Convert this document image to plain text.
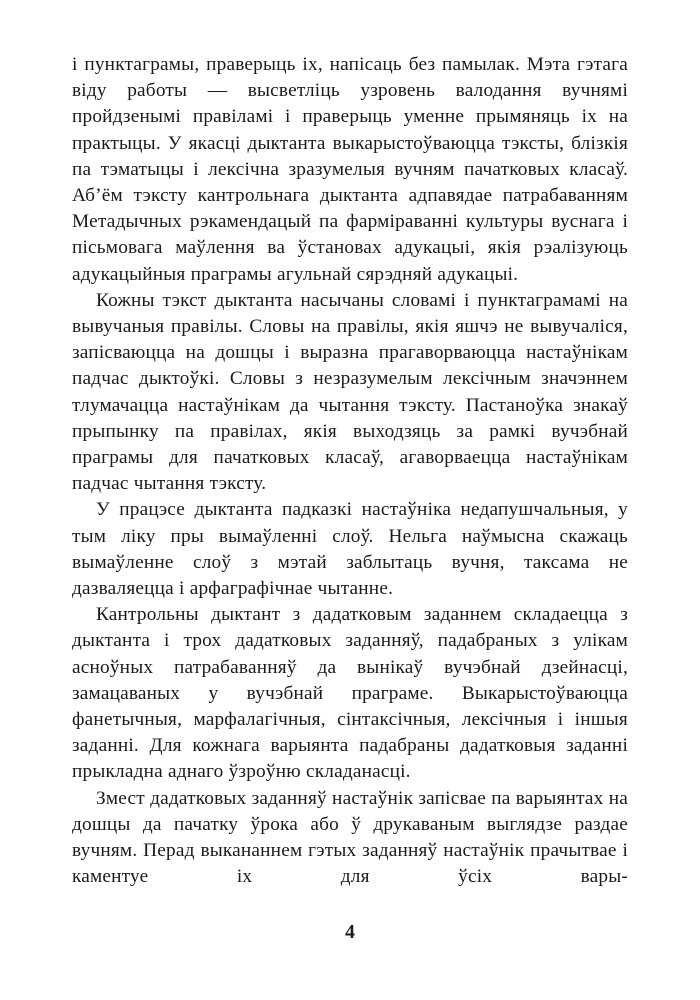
і пунктаграмы, праверыць іх, напісаць без памылак. Мэта гэтага віду работы — высветліць узровень валодання вучнямі пройдзенымі правіламі і праверыць уменне прымяняць іх на практыцы. У якасці дыктанта выкарыстоўваюцца тэксты, блізкія па тэматыцы і лексічна зразумелыя вучням пачатковых класаў. Аб’ём тэксту кантрольнага дыктанта адпавядае патрабаванням Метадычных рэкамендацый па фарміраванні культуры вуснага і пісьмовага маўлення ва ўстановах адукацыі, якія рэалізуюць адукацыйныя праграмы агульнай сярэдняй адукацыі.

Кожны тэкст дыктанта насычаны словамі і пунктаграмамі на вывучаныя правілы. Словы на правілы, якія яшчэ не вывучаліся, запісваюцца на дошцы і выразна прагаворваюцца настаўнікам падчас дыктоўкі. Словы з незразумелым лексічным значэннем тлумачацца настаўнікам да чытання тэксту. Пастаноўка знакаў прыпынку па правілах, якія выходзяць за рамкі вучэбнай праграмы для пачатковых класаў, агаворваецца настаўнікам падчас чытання тэксту.

У працэсе дыктанта падказкі настаўніка недапушчальныя, у тым ліку пры вымаўленні слоў. Нельга наўмысна скажаць вымаўленне слоў з мэтай заблытаць вучня, таксама не дазваляецца і арфаграфічнае чытанне.

Кантрольны дыктант з дадатковым заданнем складаецца з дыктанта і трох дадатковых заданняў, падабраных з улікам асноўных патрабаванняў да вынікаў вучэбнай дзейнасці, замацаваных у вучэбнай праграме. Выкарыстоўваюцца фанетычныя, марфалагічныя, сінтаксічныя, лексічныя і іншыя заданні. Для кожнага варыянта падабраны дадатковыя заданні прыкладна аднаго ўзроўню складанасці.

Змест дадатковых заданняў настаўнік запісвае па варыянтах на дошцы да пачатку ўрока або ў друкаваным выглядзе раздае вучням. Перад выкананнем гэтых заданняў настаўнік прачытвае і каментуе іх для ўсіх вары-

4
